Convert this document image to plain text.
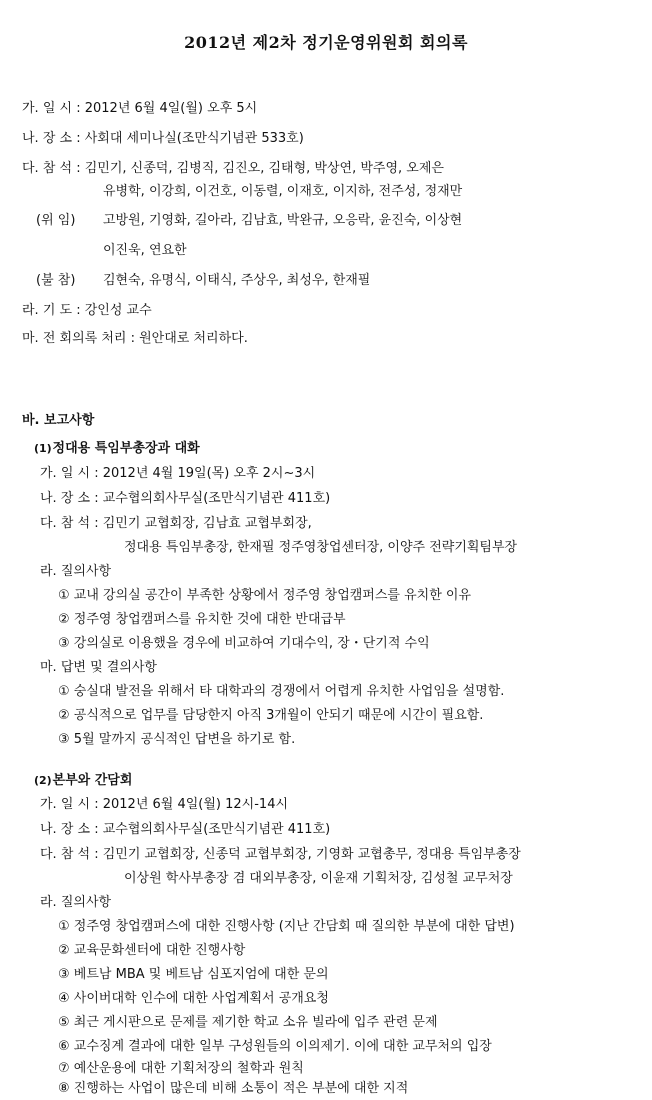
2012년 제2차 정기운영위원회 회의록
가. 일 시 : 2012년 6월 4일(월) 오후 5시
나. 장 소 : 사회대 세미나실(조만식기념관 533호)
다. 참 석 : 김민기, 신종덕, 김병직, 김진오, 김태형, 박상연, 박주영, 오제은
유병학, 이강희, 이건호, 이동렬, 이재호, 이지하, 전주성, 정재만
(위 임) 고방원, 기영화, 길아라, 김남효, 박완규, 오응락, 윤진숙, 이상현
이진욱, 연요한
(불 참) 김현숙, 유명식, 이태식, 주상우, 최성우, 한재필
라. 기 도 : 강인성 교수
마. 전 회의록 처리 : 원안대로 처리하다.
바. 보고사항
(1) 정대용 특임부총장과 대화
가. 일 시 : 2012년 4월 19일(목) 오후 2시~3시
나. 장 소 : 교수협의회사무실(조만식기념관 411호)
다. 참 석 : 김민기 교협회장, 김남효 교협부회장,
정대용 특임부총장, 한재필 정주영창업센터장, 이양주 전략기획팀부장
라. 질의사항
① 교내 강의실 공간이 부족한 상황에서 정주영 창업캠퍼스를 유치한 이유
② 정주영 창업캠퍼스를 유치한 것에 대한 반대급부
③ 강의실로 이용했을 경우에 비교하여 기대수익, 장・단기적 수익
마. 답변 및 결의사항
① 숭실대 발전을 위해서 타 대학과의 경쟁에서 어렵게 유치한 사업임을 설명함.
② 공식적으로 업무를 담당한지 아직 3개월이 안되기 때문에 시간이 필요함.
③ 5월 말까지 공식적인 답변을 하기로 함.
(2) 본부와 간담회
가. 일 시 : 2012년 6월 4일(월) 12시-14시
나. 장 소 : 교수협의회사무실(조만식기념관 411호)
다. 참 석 : 김민기 교협회장, 신종덕 교협부회장, 기영화 교협총무, 정대용 특임부총장
이상원 학사부총장 겸 대외부총장, 이윤재 기획처장, 김성철 교무처장
라. 질의사항
① 정주영 창업캠퍼스에 대한 진행사항 (지난 간담회 때 질의한 부분에 대한 답변)
② 교육문화센터에 대한 진행사항
③ 베트남 MBA 및 베트남 심포지엄에 대한 문의
④ 사이버대학 인수에 대한 사업계획서 공개요청
⑤ 최근 게시판으로 문제를 제기한 학교 소유 빌라에 입주 관련 문제
⑥ 교수징계 결과에 대한 일부 구성원들의 이의제기. 이에 대한 교무처의 입장
⑦ 예산운용에 대한 기획처장의 철학과 원칙
⑧ 진행하는 사업이 많은데 비해 소통이 적은 부분에 대한 지적
